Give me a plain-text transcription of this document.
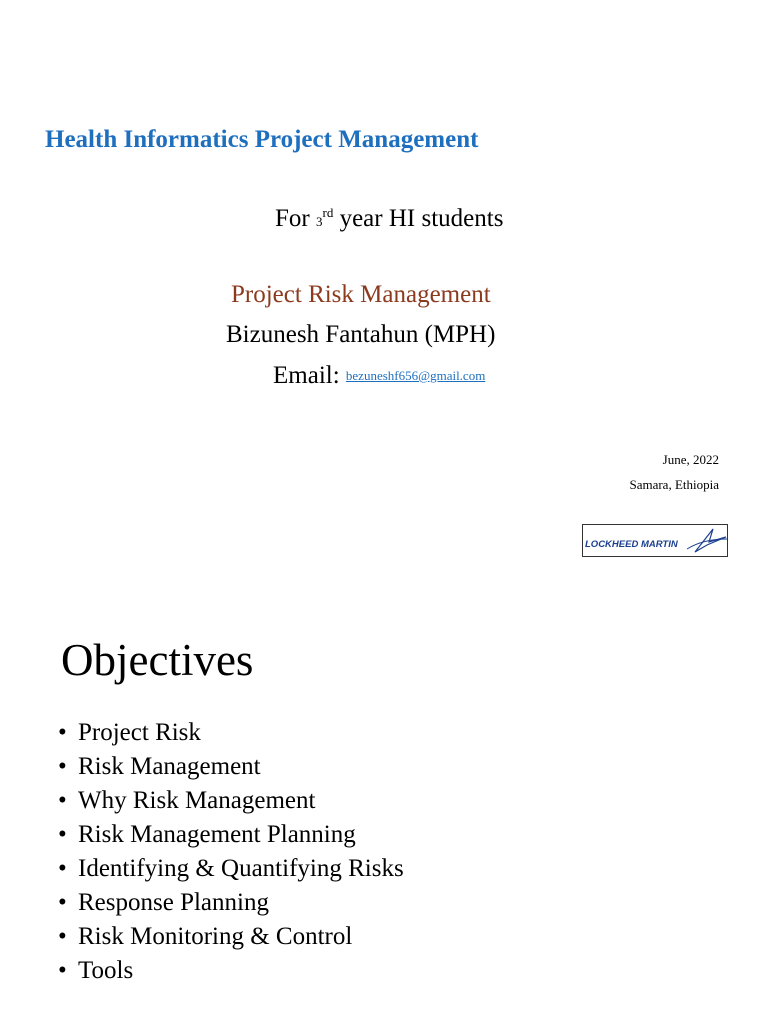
Health Informatics Project Management
For 3rd year HI students
Project Risk Management
Bizunesh Fantahun (MPH)
Email: bezuneshf656@gmail.com
June, 2022
Samara, Ethiopia
LOCKHEED MARTIN
Objectives
• Project Risk
• Risk Management
• Why Risk Management
• Risk Management Planning
• Identifying & Quantifying Risks
• Response Planning
• Risk Monitoring & Control
• Tools
